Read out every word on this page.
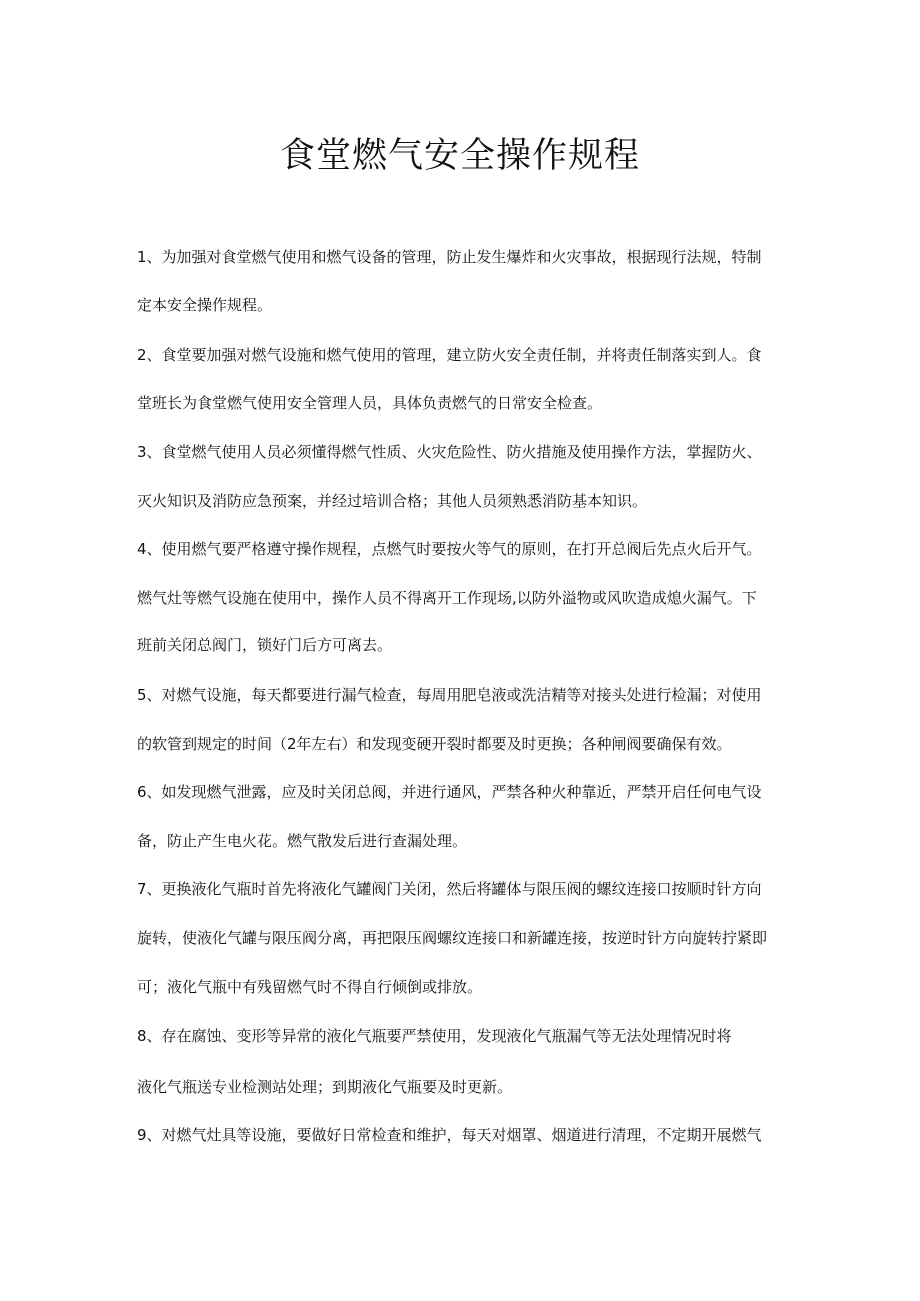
食堂燃气安全操作规程
1、为加强对食堂燃气使用和燃气设备的管理，防止发生爆炸和火灾事故，根据现行法规，特制
定本安全操作规程。
2、食堂要加强对燃气设施和燃气使用的管理，建立防火安全责任制，并将责任制落实到人。食
堂班长为食堂燃气使用安全管理人员，具体负责燃气的日常安全检查。
3、食堂燃气使用人员必须懂得燃气性质、火灾危险性、防火措施及使用操作方法，掌握防火、
灭火知识及消防应急预案，并经过培训合格；其他人员须熟悉消防基本知识。
4、使用燃气要严格遵守操作规程，点燃气时要按火等气的原则，在打开总阀后先点火后开气。
燃气灶等燃气设施在使用中，操作人员不得离开工作现场,以防外溢物或风吹造成熄火漏气。下
班前关闭总阀门，锁好门后方可离去。
5、对燃气设施，每天都要进行漏气检查，每周用肥皂液或洗洁精等对接头处进行检漏；对使用
的软管到规定的时间（2年左右）和发现变硬开裂时都要及时更换；各种闸阀要确保有效。
6、如发现燃气泄露，应及时关闭总阀，并进行通风，严禁各种火种靠近，严禁开启任何电气设
备，防止产生电火花。燃气散发后进行查漏处理。
7、更换液化气瓶时首先将液化气罐阀门关闭，然后将罐体与限压阀的螺纹连接口按顺时针方向
旋转，使液化气罐与限压阀分离，再把限压阀螺纹连接口和新罐连接，按逆时针方向旋转拧紧即
可；液化气瓶中有残留燃气时不得自行倾倒或排放。
8、存在腐蚀、变形等异常的液化气瓶要严禁使用，发现液化气瓶漏气等无法处理情况时将
液化气瓶送专业检测站处理；到期液化气瓶要及时更新。
9、对燃气灶具等设施，要做好日常检查和维护，每天对烟罩、烟道进行清理，不定期开展燃气
